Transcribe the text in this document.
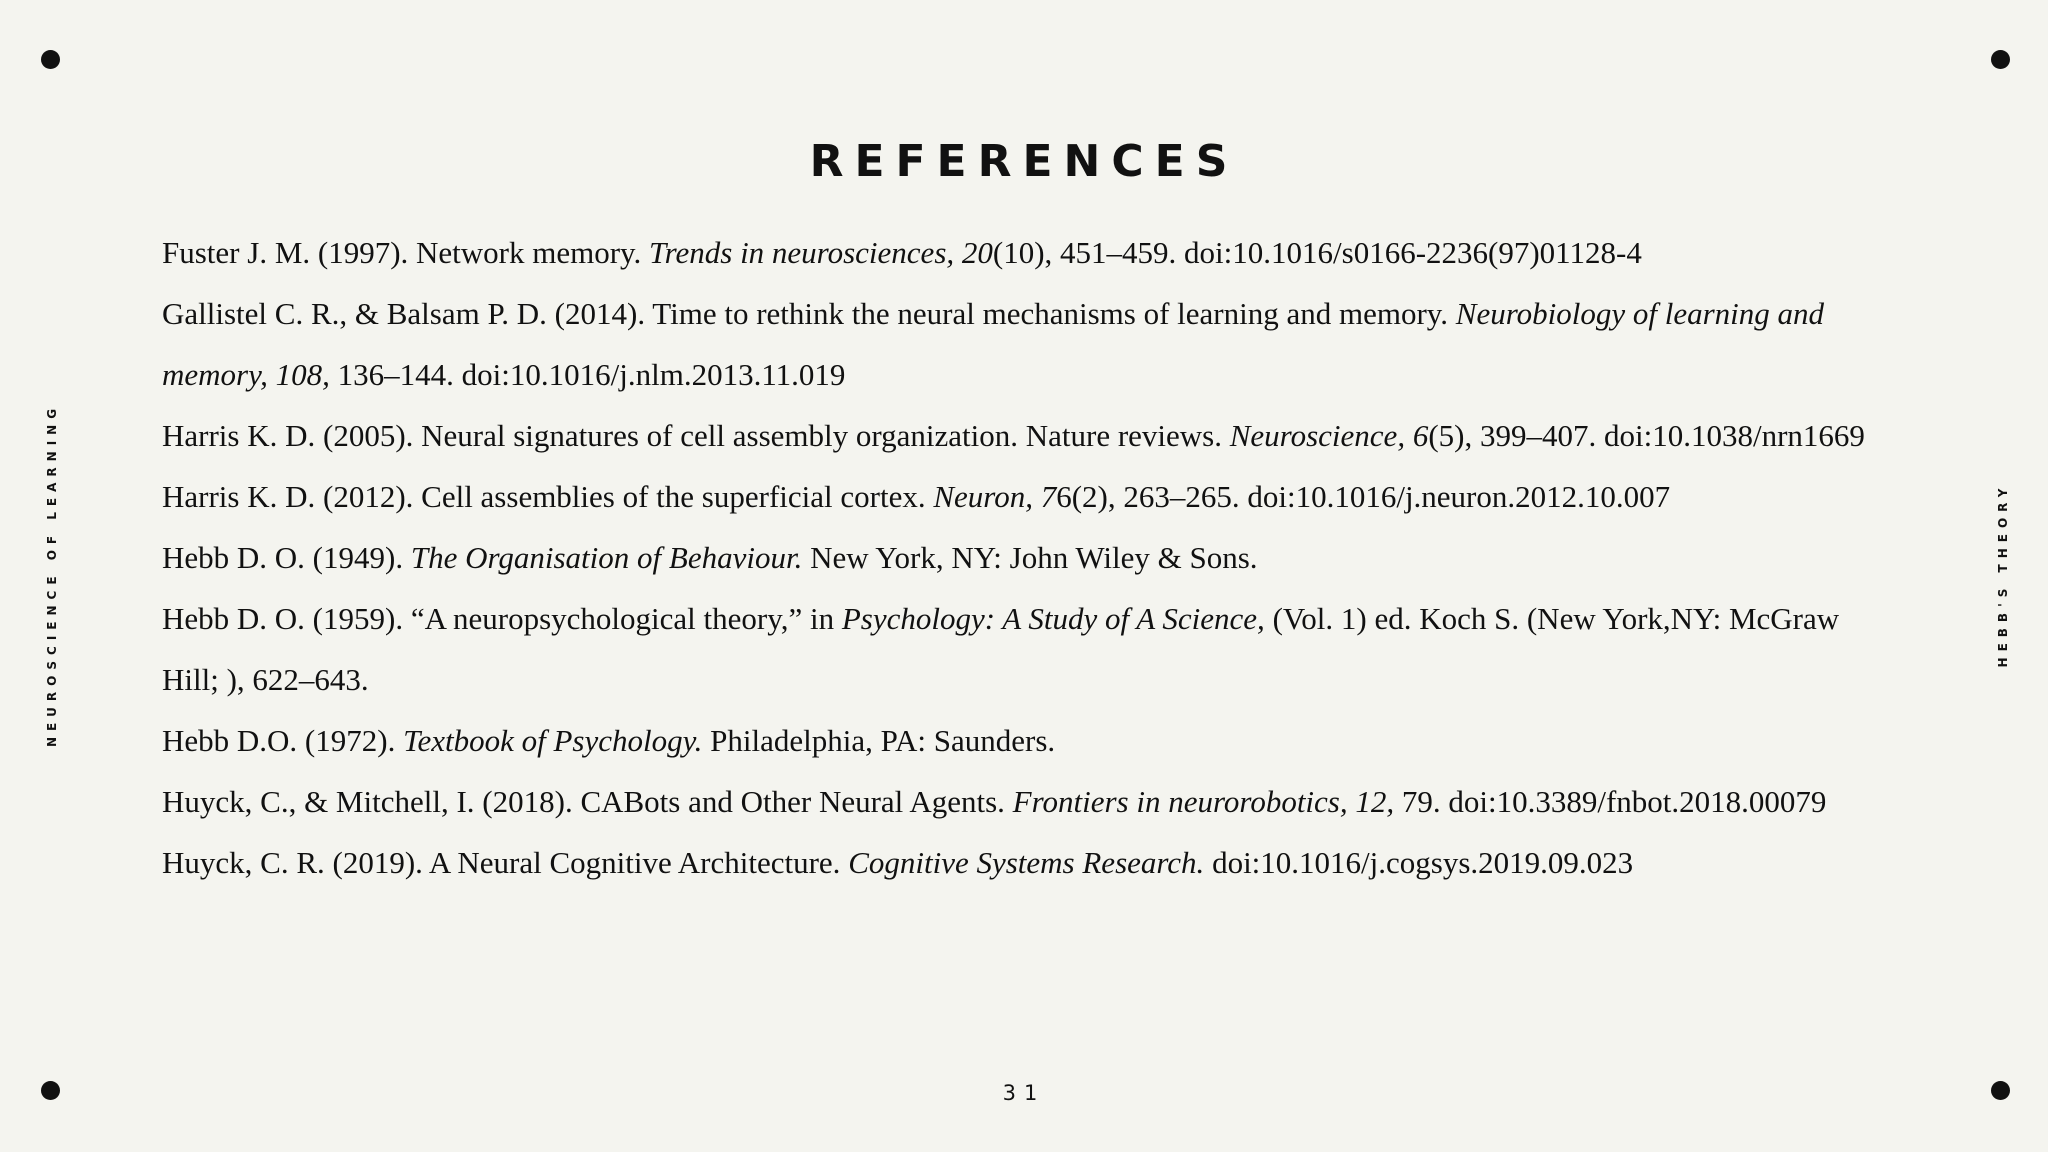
REFERENCES

Fuster J. M. (1997). Network memory. Trends in neurosciences, 20(10), 451–459. doi:10.1016/s0166-2236(97)01128-4

Gallistel C. R., & Balsam P. D. (2014). Time to rethink the neural mechanisms of learning and memory. Neurobiology of learning and memory, 108, 136–144. doi:10.1016/j.nlm.2013.11.019

Harris K. D. (2005). Neural signatures of cell assembly organization. Nature reviews. Neuroscience, 6(5), 399–407. doi:10.1038/nrn1669

Harris K. D. (2012). Cell assemblies of the superficial cortex. Neuron, 76(2), 263–265. doi:10.1016/j.neuron.2012.10.007

Hebb D. O. (1949). The Organisation of Behaviour. New York, NY: John Wiley & Sons.

Hebb D. O. (1959). “A neuropsychological theory,” in Psychology: A Study of A Science, (Vol. 1) ed. Koch S. (New York,NY: McGraw Hill; ), 622–643.

Hebb D.O. (1972). Textbook of Psychology. Philadelphia, PA: Saunders.

Huyck, C., & Mitchell, I. (2018). CABots and Other Neural Agents. Frontiers in neurorobotics, 12, 79. doi:10.3389/fnbot.2018.00079

Huyck, C. R. (2019). A Neural Cognitive Architecture. Cognitive Systems Research. doi:10.1016/j.cogsys.2019.09.023

NEUROSCIENCE OF LEARNING	HEBB'S THEORY
31
